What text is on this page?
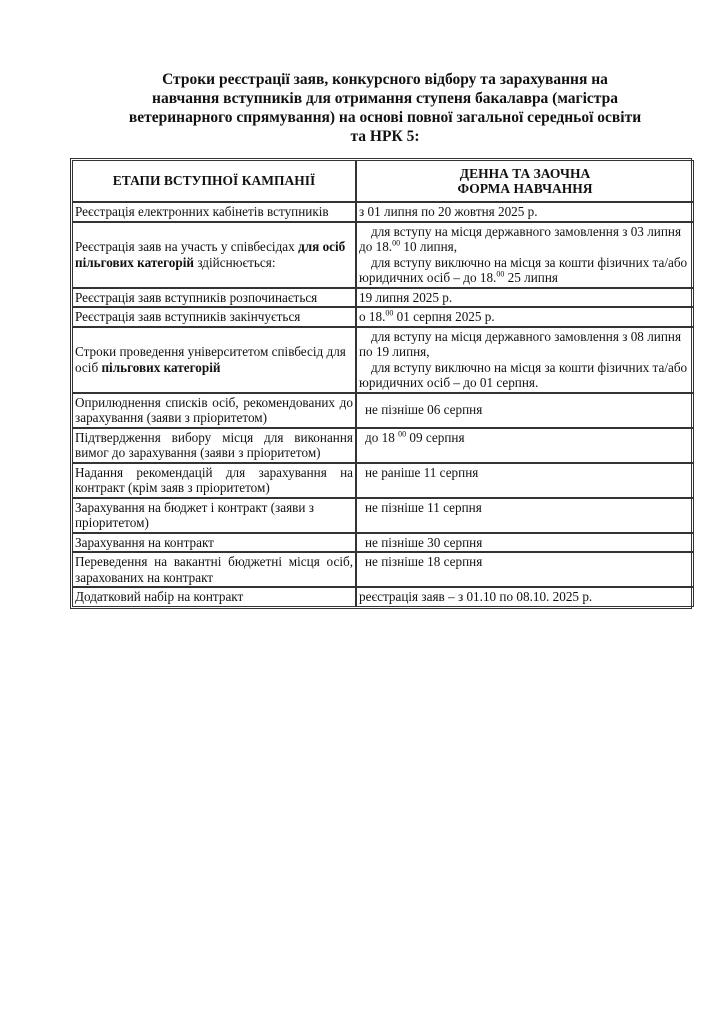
Строки реєстрації заяв, конкурсного відбору та зарахування на
навчання вступників для отримання ступеня бакалавра (магістра
ветеринарного спрямування) на основі повної загальної середньої освіти
та НРК 5:
ЕТАПИ ВСТУПНОЇ КАМПАНІЇ	ДЕННА ТА ЗАОЧНА
ФОРМА НАВЧАННЯ

Реєстрація електронних кабінетів вступників	з 01 липня по 20 жовтня 2025 р.
Реєстрація заяв на участь у співбесідах для осіб пільгових категорій здійснюється:	для вступу на місця державного замовлення з 03 липня до 18.00 10 липня,
для вступу виключно на місця за кошти фізичних та/або юридичних осіб – до 18.00 25 липня

Реєстрація заяв вступників розпочинається	19 липня 2025 р.
Реєстрація заяв вступників закінчується	о 18.00 01 серпня 2025 р.
Строки проведення університетом співбесід для осіб пільгових категорій	для вступу на місця державного замовлення з 08 липня по 19 липня,
для вступу виключно на місця за кошти фізичних та/або юридичних осіб – до 01 серпня.

Оприлюднення списків осіб, рекомендованих до зарахування (заяви з пріоритетом)	не пізніше 06 серпня
Підтвердження вибору місця для виконання вимог до зарахування (заяви з пріоритетом)	до 18 $^{00}$ 09 серпня
Надання рекомендацій для зарахування на контракт (крім заяв з пріоритетом)	не раніше 11 серпня
Зарахування на бюджет і контракт (заяви з пріоритетом)	не пізніше 11 серпня
Зарахування на контракт	не пізніше 30 серпня
Переведення на вакантні бюджетні місця осіб, зарахованих на контракт	не пізніше 18 серпня
Додатковий набір на контракт	реєстрація заяв – з 01.10 по 08.10. 2025 р.
